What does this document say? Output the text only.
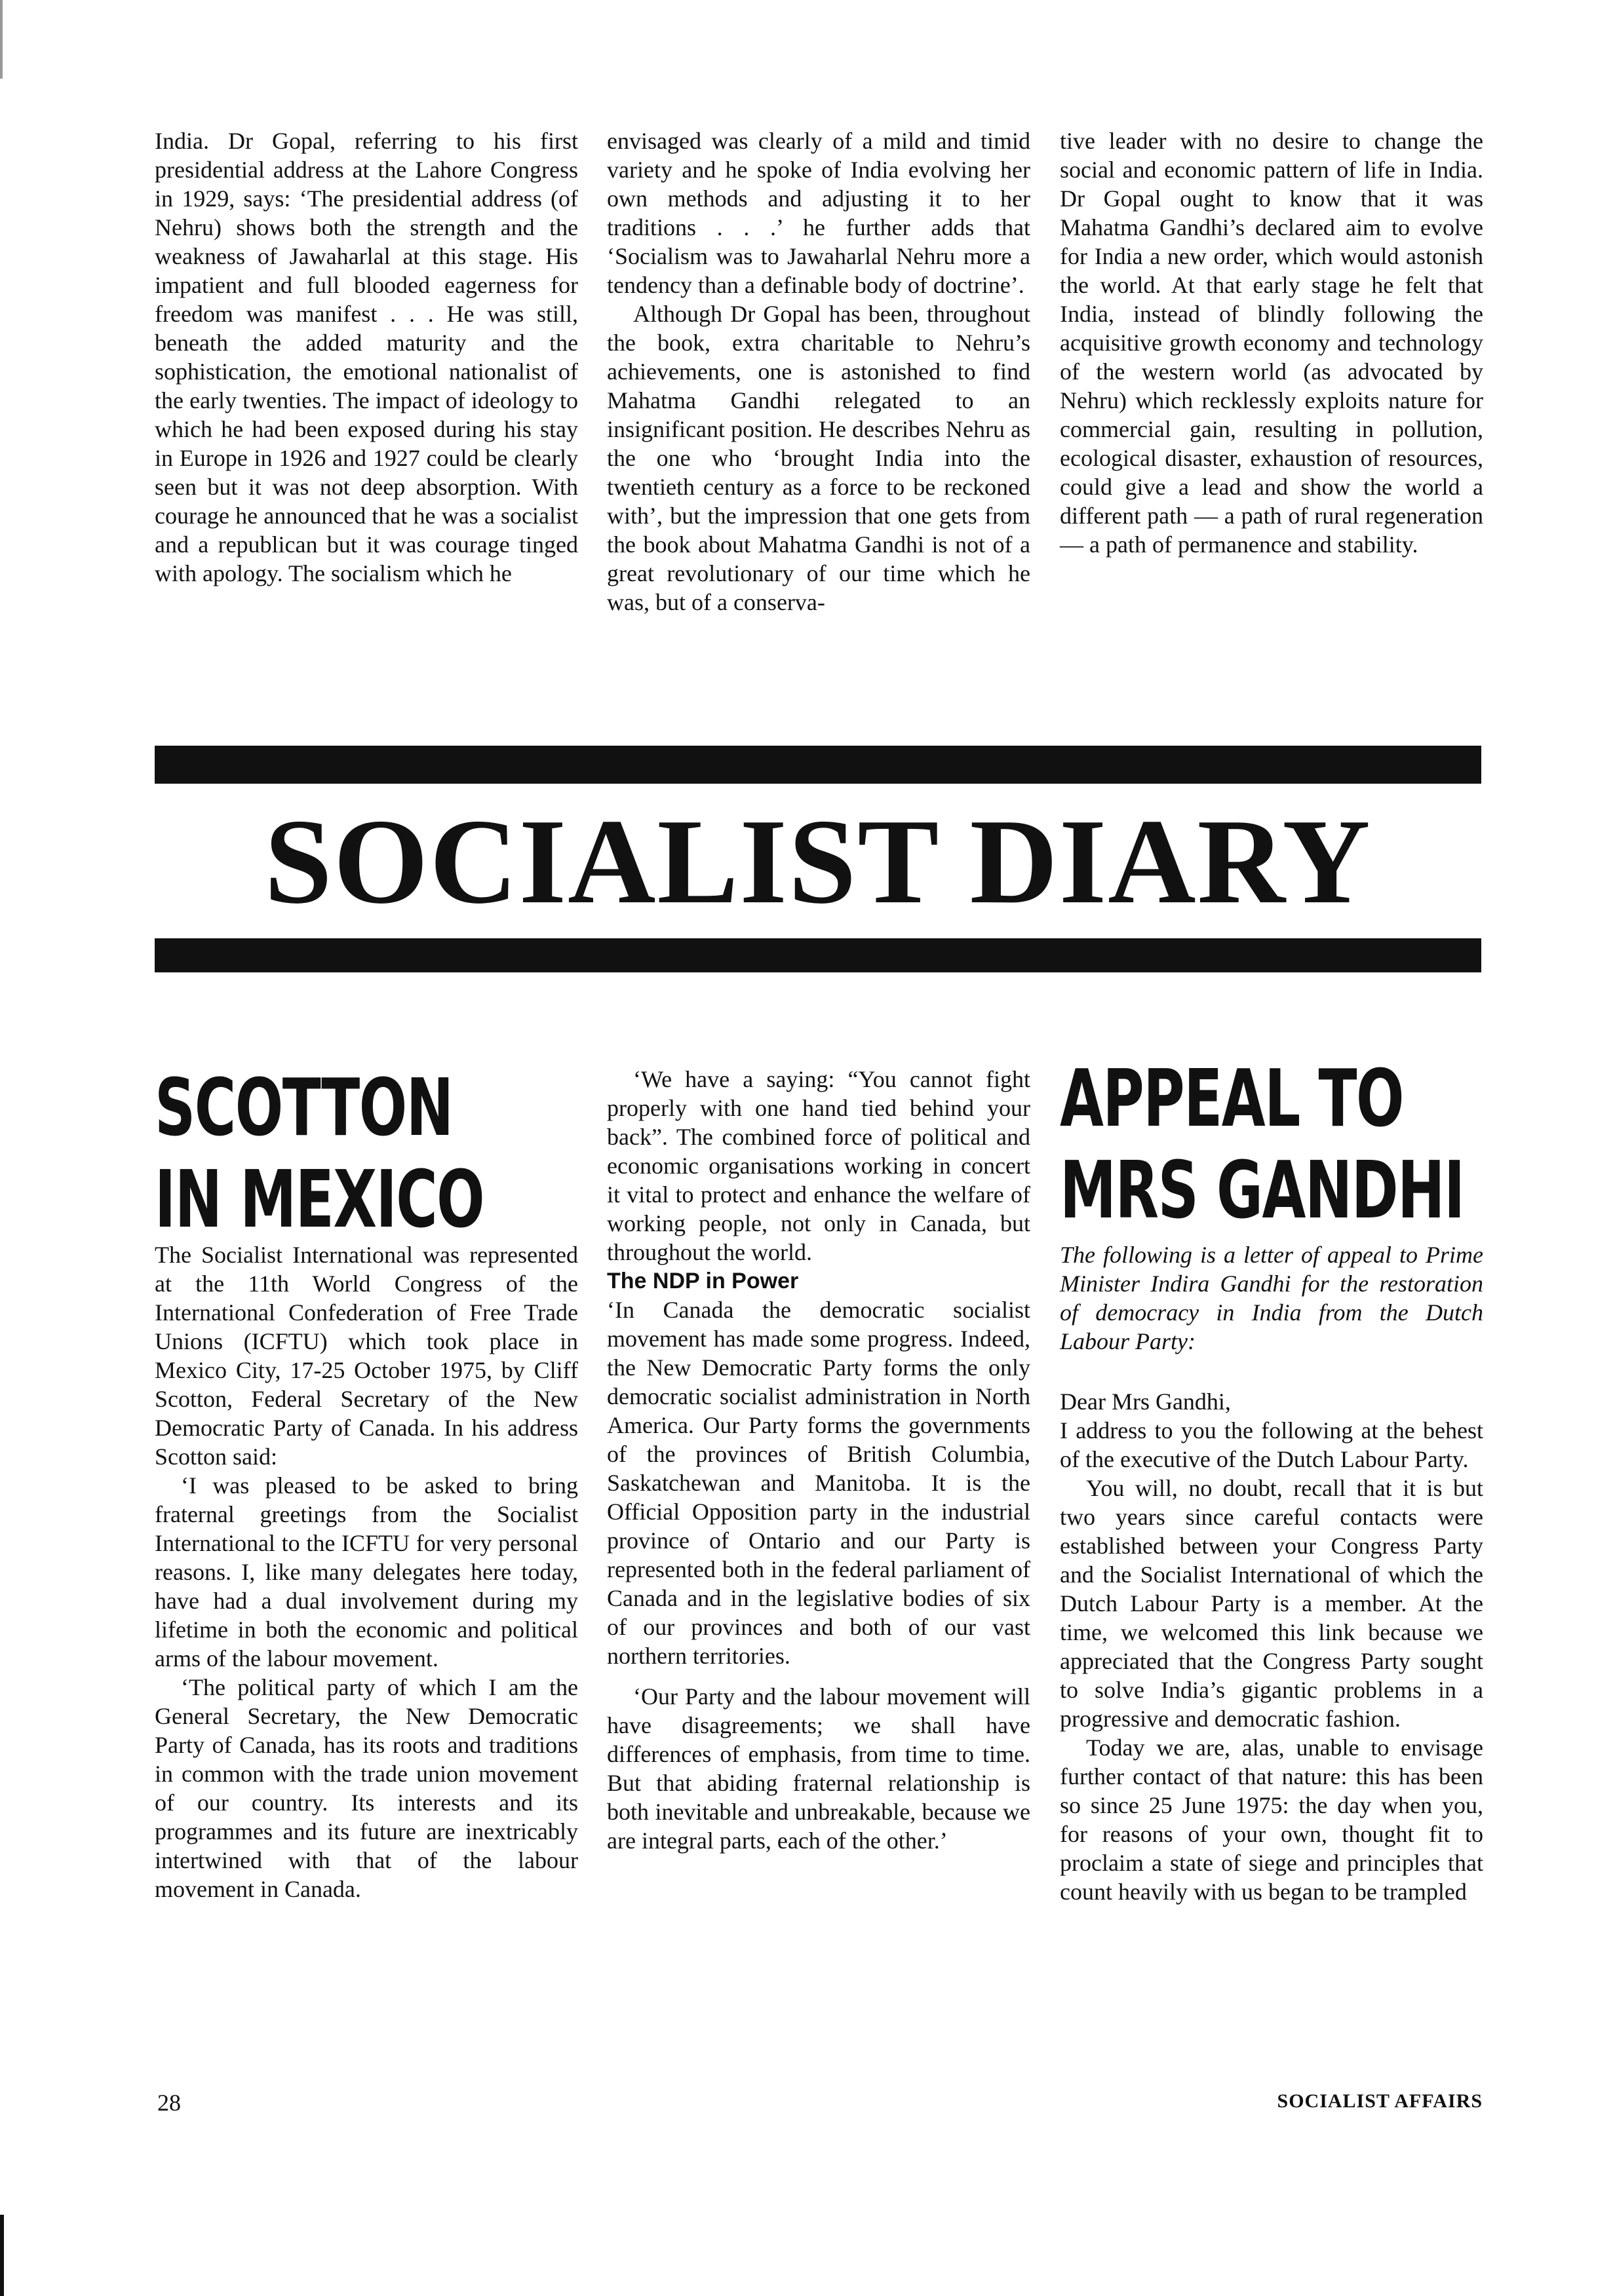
India. Dr Gopal, referring to his first presidential address at the Lahore Congress in 1929, says: ‘The presidential address (of Nehru) shows both the strength and the weakness of Jawaharlal at this stage. His impatient and full blooded eagerness for freedom was manifest . . . He was still, beneath the added maturity and the sophistication, the emotional nationalist of the early twenties. The impact of ideology to which he had been exposed during his stay in Europe in 1926 and 1927 could be clearly seen but it was not deep absorption. With courage he announced that he was a socialist and a republican but it was courage tinged with apology. The socialism which he

envisaged was clearly of a mild and timid variety and he spoke of India evolving her own methods and adjusting it to her traditions . . .’ he further adds that ‘Socialism was to Jawaharlal Nehru more a tendency than a definable body of doctrine’.

Although Dr Gopal has been, throughout the book, extra charitable to Nehru’s achievements, one is astonished to find Mahatma Gandhi relegated to an insignificant position. He describes Nehru as the one who ‘brought India into the twentieth century as a force to be reckoned with’, but the impression that one gets from the book about Mahatma Gandhi is not of a great revolutionary of our time which he was, but of a conserva-

tive leader with no desire to change the social and economic pattern of life in India. Dr Gopal ought to know that it was Mahatma Gandhi’s declared aim to evolve for India a new order, which would astonish the world. At that early stage he felt that India, instead of blindly following the acquisitive growth economy and technology of the western world (as advocated by Nehru) which recklessly exploits nature for commercial gain, resulting in pollution, ecological disaster, exhaustion of resources, could give a lead and show the world a different path — a path of rural regeneration — a path of permanence and stability.

SOCIALIST DIARY
SCOTTON
IN MEXICO

The Socialist International was represented at the 11th World Congress of the International Confederation of Free Trade Unions (ICFTU) which took place in Mexico City, 17-25 October 1975, by Cliff Scotton, Federal Secretary of the New Democratic Party of Canada. In his address Scotton said:

‘I was pleased to be asked to bring fraternal greetings from the Socialist International to the ICFTU for very personal reasons. I, like many delegates here today, have had a dual involvement during my lifetime in both the economic and political arms of the labour movement.

‘The political party of which I am the General Secretary, the New Democratic Party of Canada, has its roots and traditions in common with the trade union movement of our country. Its interests and its programmes and its future are inextricably intertwined with that of the labour movement in Canada.

‘We have a saying: “You cannot fight properly with one hand tied behind your back”. The combined force of political and economic organisations working in concert it vital to protect and enhance the welfare of working people, not only in Canada, but throughout the world.

The NDP in Power

‘In Canada the democratic socialist movement has made some progress. Indeed, the New Democratic Party forms the only democratic socialist administration in North America. Our Party forms the governments of the provinces of British Columbia, Saskatchewan and Manitoba. It is the Official Opposition party in the industrial province of Ontario and our Party is represented both in the federal parliament of Canada and in the legislative bodies of six of our provinces and both of our vast northern territories.

‘Our Party and the labour movement will have disagreements; we shall have differences of emphasis, from time to time. But that abiding fraternal relationship is both inevitable and unbreakable, because we are integral parts, each of the other.’

APPEAL TO
MRS GANDHI

The following is a letter of appeal to Prime Minister Indira Gandhi for the restoration of democracy in India from the Dutch Labour Party:

Dear Mrs Gandhi,

I address to you the following at the behest of the executive of the Dutch Labour Party.

You will, no doubt, recall that it is but two years since careful contacts were established between your Congress Party and the Socialist International of which the Dutch Labour Party is a member. At the time, we welcomed this link because we appreciated that the Congress Party sought to solve India’s gigantic problems in a progressive and democratic fashion.

Today we are, alas, unable to envisage further contact of that nature: this has been so since 25 June 1975: the day when you, for reasons of your own, thought fit to proclaim a state of siege and principles that count heavily with us began to be trampled

28	SOCIALIST AFFAIRS
